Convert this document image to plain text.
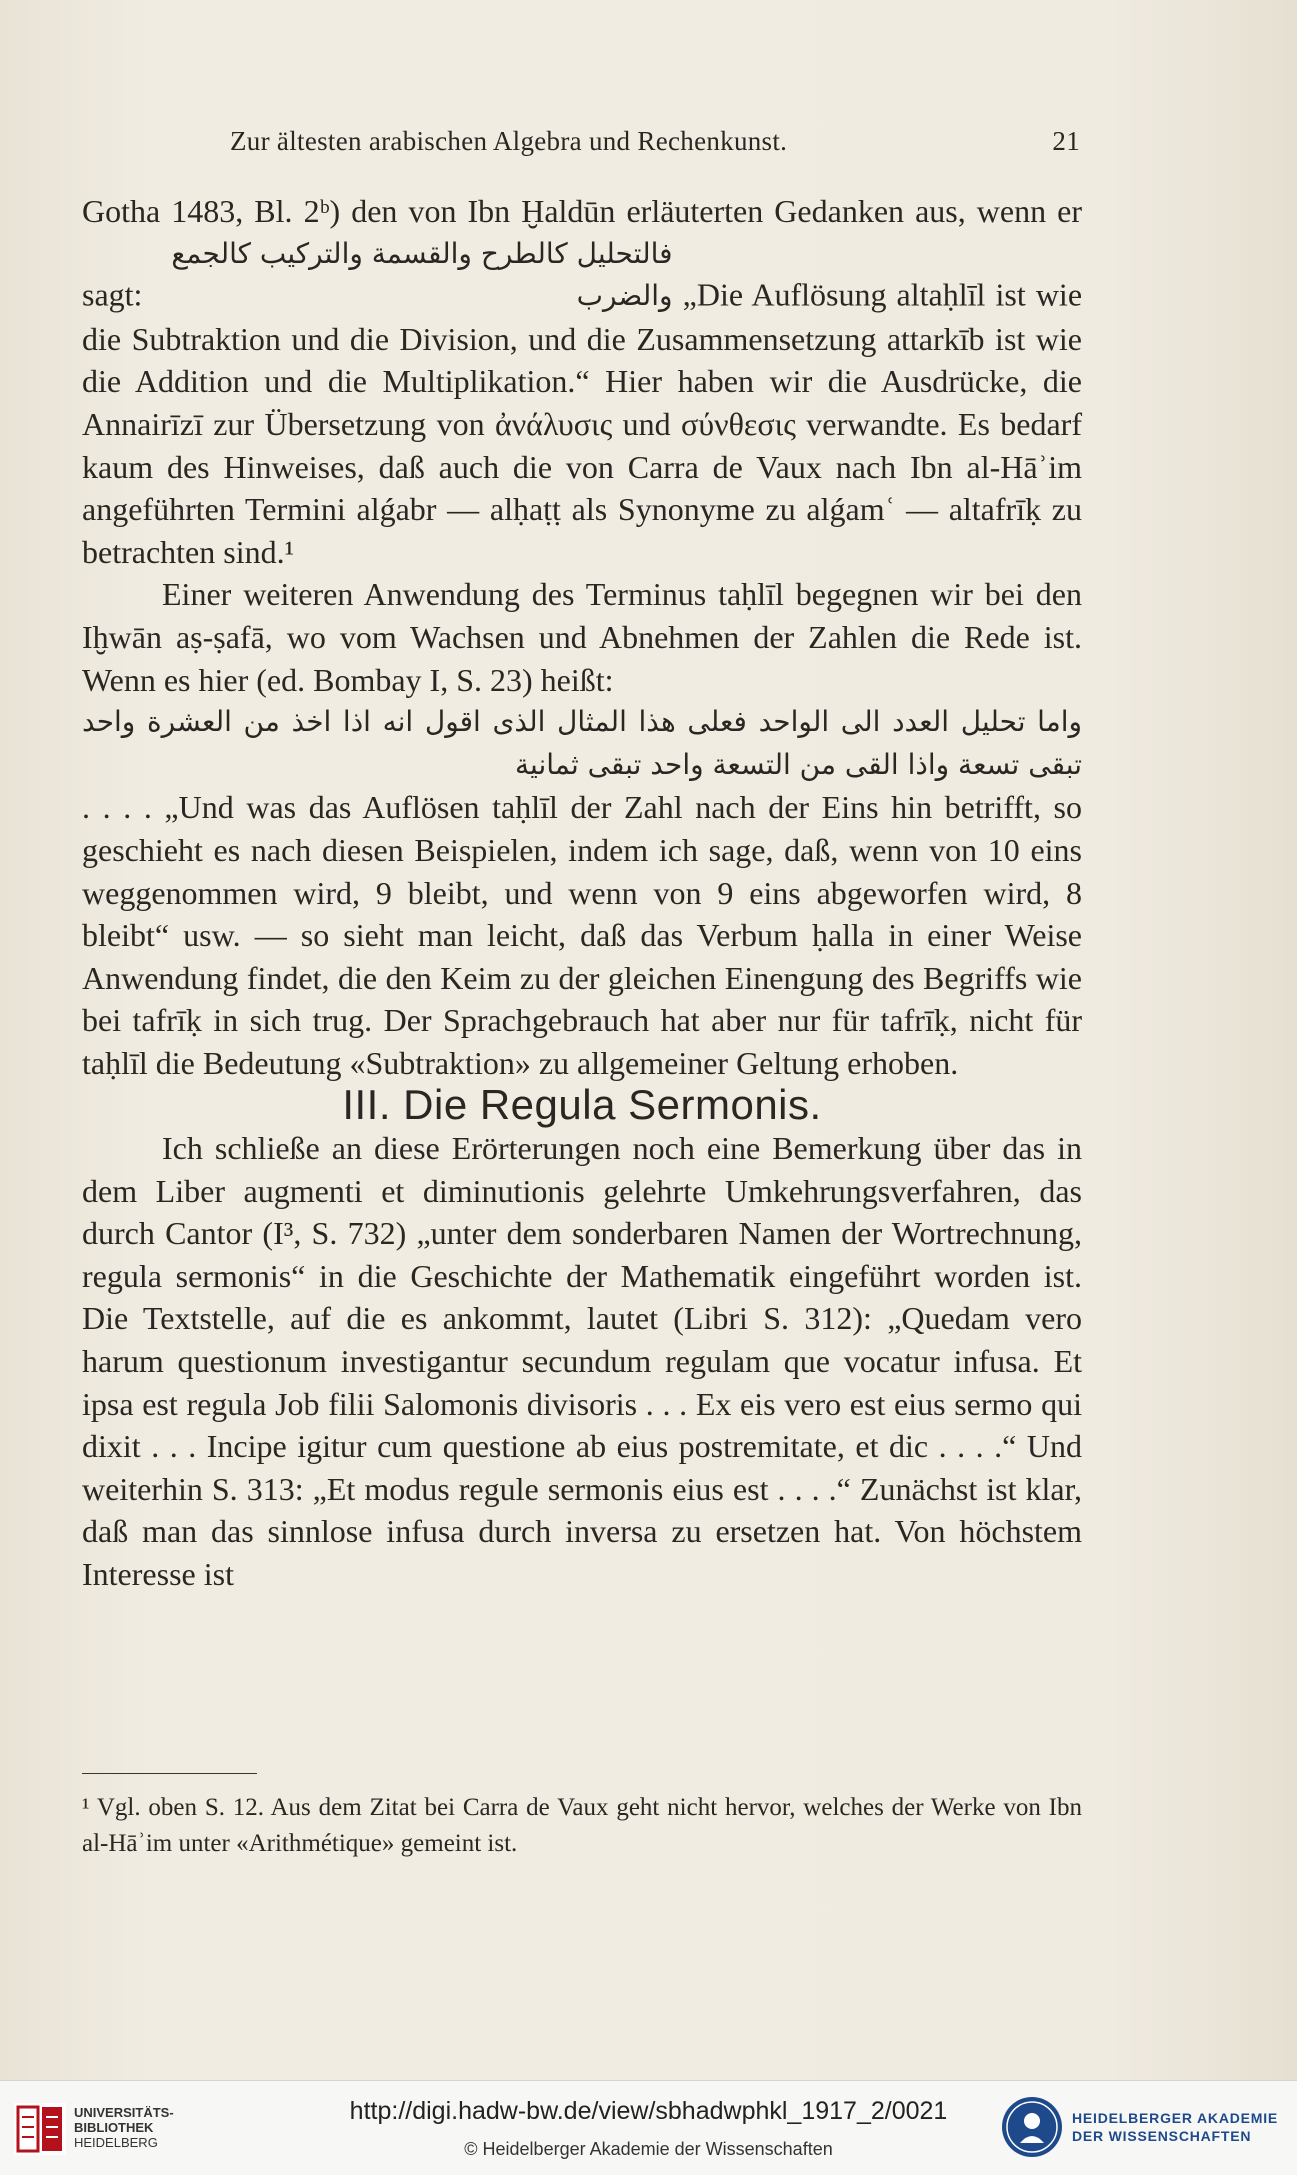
Zur ältesten arabischen Algebra und Rechenkunst.	21

Gotha 1483, Bl. 2ᵇ) den von Ibn Ḫaldūn erläuterten Gedanken aus, wenn er sagt: فالتحليل كالطرح والقسمة والتركيب كالجمع والضرب „Die Auflösung altaḥlīl ist wie die Subtraktion und die Division, und die Zusammensetzung attarkīb ist wie die Addition und die Multiplikation.“ Hier haben wir die Ausdrücke, die Annairīzī zur Übersetzung von ἀνάλυσις und σύνθεσις verwandte. Es bedarf kaum des Hinweises, daß auch die von Carra de Vaux nach Ibn al-Hāʾim angeführten Termini alǵabr — alḥaṭṭ als Synonyme zu alǵamʿ — altafrīḳ zu betrachten sind.¹

Einer weiteren Anwendung des Terminus taḥlīl begegnen wir bei den Iḫwān aṣ-ṣafā, wo vom Wachsen und Abnehmen der Zahlen die Rede ist. Wenn es hier (ed. Bombay I, S. 23) heißt:

واما تحليل العدد الى الواحد فعلى هذا المثال الذى اقول انه اذا اخذ من العشرة واحد تبقى تسعة واذا القى من التسعة واحد تبقى ثمانية

. . . . „Und was das Auflösen taḥlīl der Zahl nach der Eins hin betrifft, so geschieht es nach diesen Beispielen, indem ich sage, daß, wenn von 10 eins weggenommen wird, 9 bleibt, und wenn von 9 eins abgeworfen wird, 8 bleibt“ usw. — so sieht man leicht, daß das Verbum ḥalla in einer Weise Anwendung findet, die den Keim zu der gleichen Einengung des Begriffs wie bei tafrīḳ in sich trug. Der Sprachgebrauch hat aber nur für tafrīḳ, nicht für taḥlīl die Bedeutung «Subtraktion» zu allgemeiner Geltung erhoben.

III. Die Regula Sermonis.

Ich schließe an diese Erörterungen noch eine Bemerkung über das in dem Liber augmenti et diminutionis gelehrte Umkehrungsverfahren, das durch Cantor (I³, S. 732) „unter dem sonderbaren Namen der Wortrechnung, regula sermonis“ in die Geschichte der Mathematik eingeführt worden ist. Die Textstelle, auf die es ankommt, lautet (Libri S. 312): „Quedam vero harum questionum investigantur secundum regulam que vocatur infusa. Et ipsa est regula Job filii Salomonis divisoris . . . Ex eis vero est eius sermo qui dixit . . . Incipe igitur cum questione ab eius postremitate, et dic . . . .“ Und weiterhin S. 313: „Et modus regule sermonis eius est . . . .“ Zunächst ist klar, daß man das sinnlose infusa durch inversa zu ersetzen hat. Von höchstem Interesse ist

¹ Vgl. oben S. 12. Aus dem Zitat bei Carra de Vaux geht nicht hervor, welches der Werke von Ibn al-Hāʾim unter «Arithmétique» gemeint ist.
UNIVERSITÄTS-
BIBLIOTHEK
HEIDELBERG
http://digi.hadw-bw.de/view/sbhadwphkl_1917_2/0021
© Heidelberger Akademie der Wissenschaften
HEIDELBERGER AKADEMIE
DER WISSENSCHAFTEN
